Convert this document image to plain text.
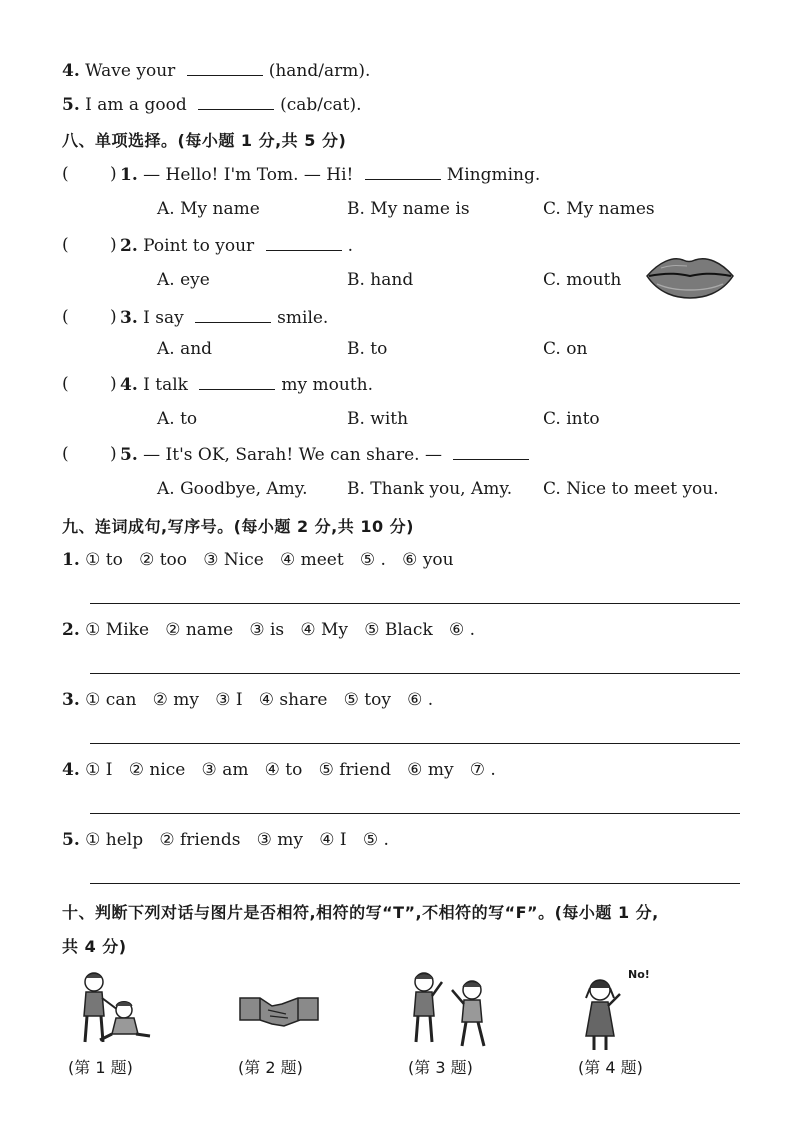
4. Wave your	(hand/arm).
5. I am a good	(cab/cat).
八、单项选择。(每小题 1 分,共 5 分)
( ) 1. — Hello! I'm Tom. — Hi!	Mingming.
A. My name	B. My name is	C. My names
( ) 2. Point to your	.
A. eye	B. hand	C. mouth
( ) 3. I say	smile.
A. and	B. to	C. on
( ) 4. I talk	my mouth.
A. to	B. with	C. into
( ) 5. — It's OK, Sarah! We can share. —
A. Goodbye, Amy. B. Thank you, Amy. C. Nice to meet you.
九、连词成句,写序号。(每小题 2 分,共 10 分)
1. ① to   ② too   ③ Nice   ④ meet   ⑤ .   ⑥ you
2. ① Mike   ② name   ③ is   ④ My   ⑤ Black   ⑥ .
3. ① can   ② my   ③ I   ④ share   ⑤ toy   ⑥ .
4. ① I   ② nice   ③ am   ④ to   ⑤ friend   ⑥ my   ⑦ .
5. ① help   ② friends   ③ my   ④ I   ⑤ .
十、判断下列对话与图片是否相符,相符的写“T”,不相符的写“F”。(每小题 1 分,
共 4 分)
No!
(第 1 题)	(第 2 题)	(第 3 题)	(第 4 题)
